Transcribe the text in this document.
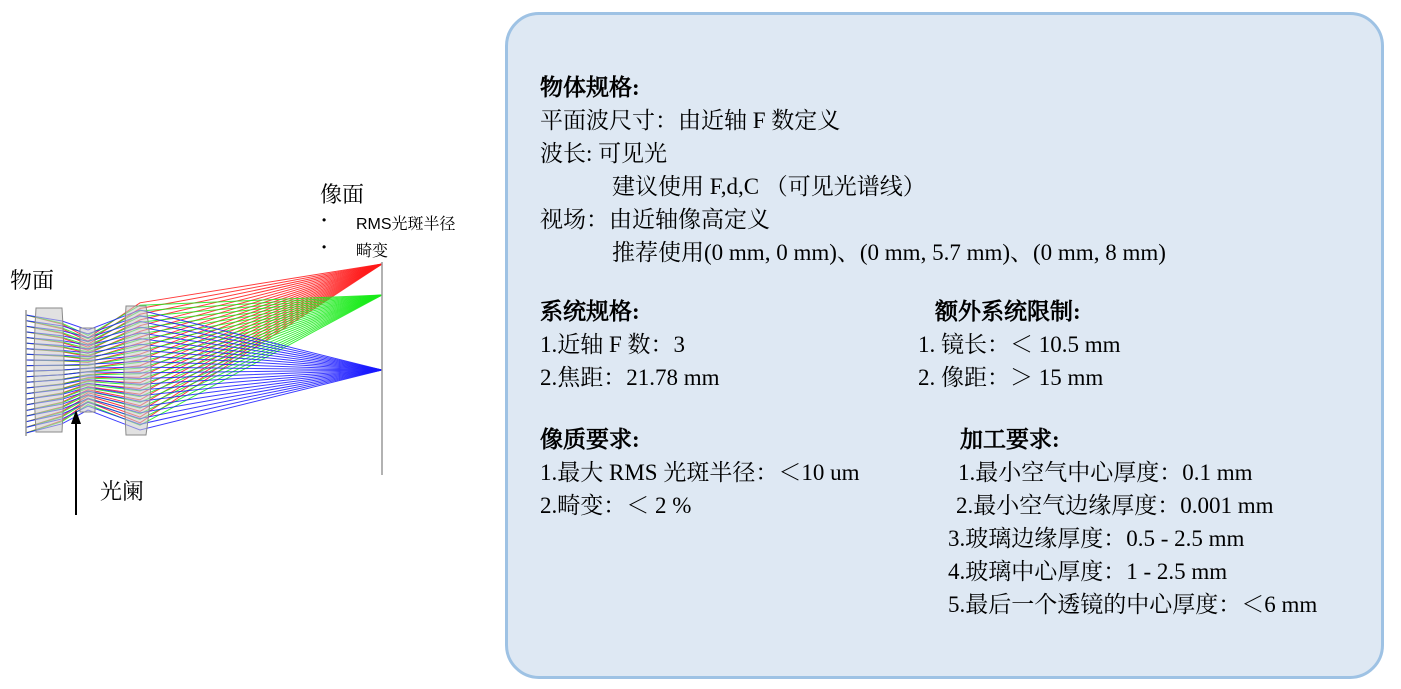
物面
像面
• RMS光斑半径
• 畸变
光阑
物体规格:
平面波尺寸：由近轴 F 数定义
波长: 可见光
建议使用 F,d,C （可见光谱线）
视场：由近轴像高定义
推荐使用(0 mm, 0 mm)、(0 mm, 5.7 mm)、(0 mm, 8 mm)
系统规格:
1.近轴 F 数：3
2.焦距：21.78 mm
额外系统限制:
1. 镜长：＜ 10.5 mm
2. 像距：＞ 15 mm
像质要求:
1.最大 RMS 光斑半径：＜10 um
2.畸变：＜ 2 %
加工要求:
1.最小空气中心厚度：0.1 mm
2.最小空气边缘厚度：0.001 mm
3.玻璃边缘厚度：0.5 - 2.5 mm
4.玻璃中心厚度：1 - 2.5 mm
5.最后一个透镜的中心厚度：＜6 mm
